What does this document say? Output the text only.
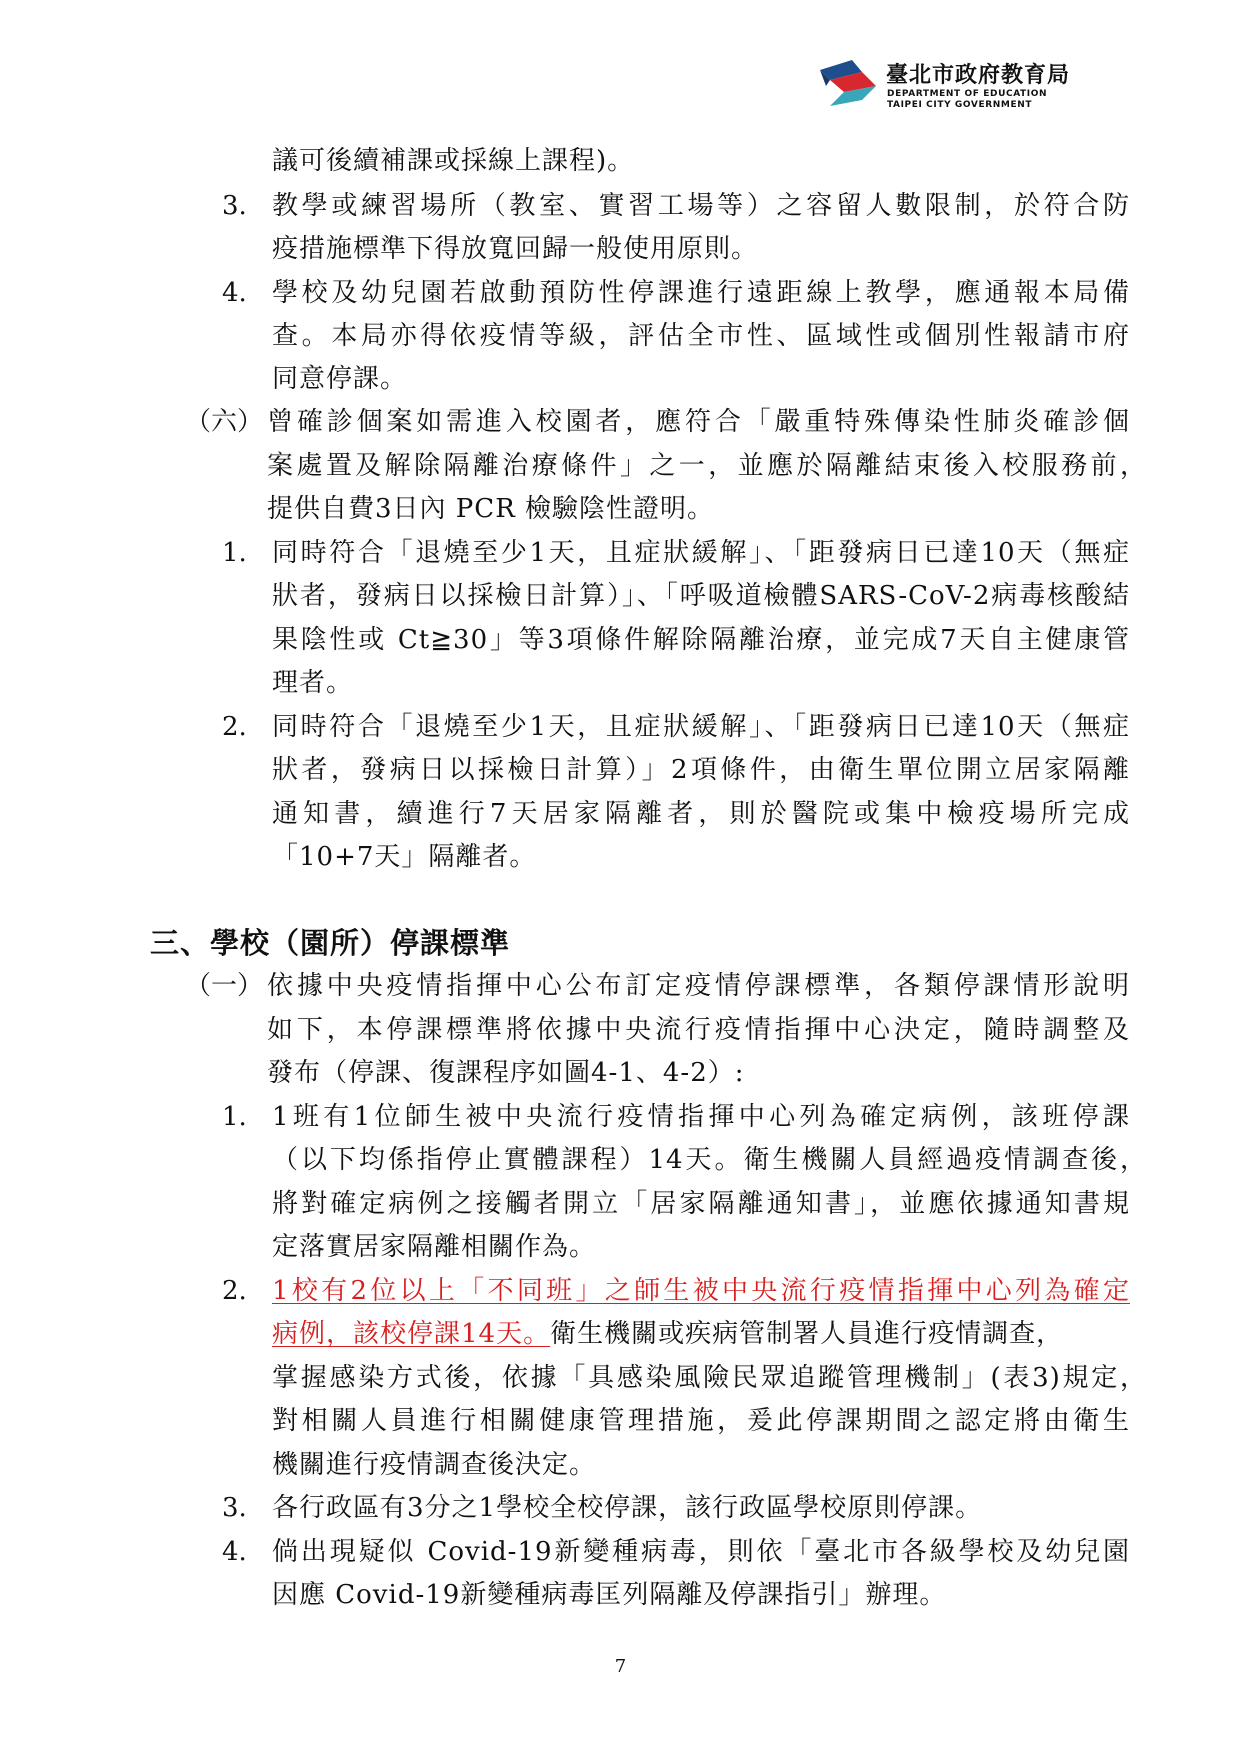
臺北市政府教育局
DEPARTMENT OF EDUCATION
TAIPEI CITY GOVERNMENT
議可後續補課或採線上課程)。
3. 教學或練習場所（教室、實習工場等）之容留人數限制，於符合防
疫措施標準下得放寬回歸一般使用原則。
4. 學校及幼兒園若啟動預防性停課進行遠距線上教學，應通報本局備
查。本局亦得依疫情等級，評估全市性、區域性或個別性報請市府
同意停課。
（六） 曾確診個案如需進入校園者，應符合「嚴重特殊傳染性肺炎確診個
案處置及解除隔離治療條件」之一，並應於隔離結束後入校服務前，
提供自費3日內 PCR 檢驗陰性證明。
1. 同時符合「退燒至少1天，且症狀緩解」、「距發病日已達10天（無症
狀者，發病日以採檢日計算）」、「呼吸道檢體SARS-CoV-2病毒核酸結
果陰性或 Ct≧30」等3項條件解除隔離治療，並完成7天自主健康管
理者。
2. 同時符合「退燒至少1天，且症狀緩解」、「距發病日已達10天（無症
狀者，發病日以採檢日計算）」2項條件，由衛生單位開立居家隔離
通知書，續進行7天居家隔離者，則於醫院或集中檢疫場所完成
「10+7天」隔離者。
三、學校（園所）停課標準
（一） 依據中央疫情指揮中心公布訂定疫情停課標準，各類停課情形說明
如下，本停課標準將依據中央流行疫情指揮中心決定，隨時調整及
發布（停課、復課程序如圖4-1、4-2）:
1. 1班有1位師生被中央流行疫情指揮中心列為確定病例，該班停課
（以下均係指停止實體課程）14天。衛生機關人員經過疫情調查後，
將對確定病例之接觸者開立「居家隔離通知書」，並應依據通知書規
定落實居家隔離相關作為。
2. 1校有2位以上「不同班」之師生被中央流行疫情指揮中心列為確定
病例，該校停課14天。衛生機關或疾病管制署人員進行疫情調查，
掌握感染方式後，依據「具感染風險民眾追蹤管理機制」(表3)規定，
對相關人員進行相關健康管理措施，爰此停課期間之認定將由衛生
機關進行疫情調查後決定。
3. 各行政區有3分之1學校全校停課，該行政區學校原則停課。
4. 倘出現疑似 Covid-19新變種病毒，則依「臺北市各級學校及幼兒園
因應 Covid-19新變種病毒匡列隔離及停課指引」辦理。
7
